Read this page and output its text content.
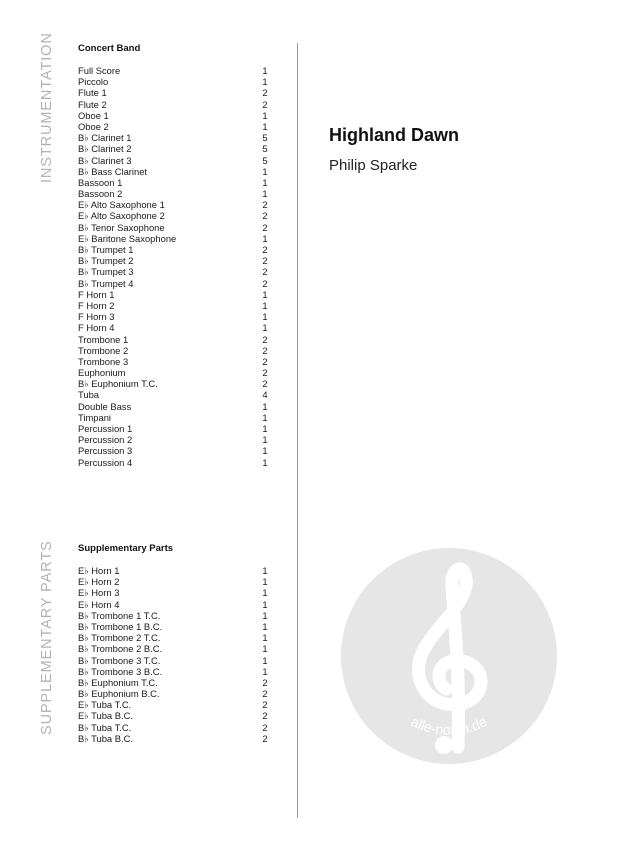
INSTRUMENTATION
SUPPLEMENTARY PARTS
Concert Band
Full Score	1
Piccolo	1
Flute 1	2
Flute 2	2
Oboe 1	1
Oboe 2	1
B♭ Clarinet 1	5
B♭ Clarinet 2	5
B♭ Clarinet 3	5
B♭ Bass Clarinet	1
Bassoon 1	1
Bassoon 2	1
E♭ Alto Saxophone 1	2
E♭ Alto Saxophone 2	2
B♭ Tenor Saxophone	2
E♭ Baritone Saxophone	1
B♭ Trumpet 1	2
B♭ Trumpet 2	2
B♭ Trumpet 3	2
B♭ Trumpet 4	2
F Horn 1	1
F Horn 2	1
F Horn 3	1
F Horn 4	1
Trombone 1	2
Trombone 2	2
Trombone 3	2
Euphonium	2
B♭ Euphonium T.C.	2
Tuba	4
Double Bass	1
Timpani	1
Percussion 1	1
Percussion 2	1
Percussion 3	1
Percussion 4	1
Supplementary Parts
E♭ Horn 1	1
E♭ Horn 2	1
E♭ Horn 3	1
E♭ Horn 4	1
B♭ Trombone 1 T.C.	1
B♭ Trombone 1 B.C.	1
B♭ Trombone 2 T.C.	1
B♭ Trombone 2 B.C.	1
B♭ Trombone 3 T.C.	1
B♭ Trombone 3 B.C.	1
B♭ Euphonium T.C.	2
B♭ Euphonium B.C.	2
E♭ Tuba T.C.	2
E♭ Tuba B.C.	2
B♭ Tuba T.C.	2
B♭ Tuba B.C.	2
Highland Dawn
Philip Sparke
alle-noten.de
